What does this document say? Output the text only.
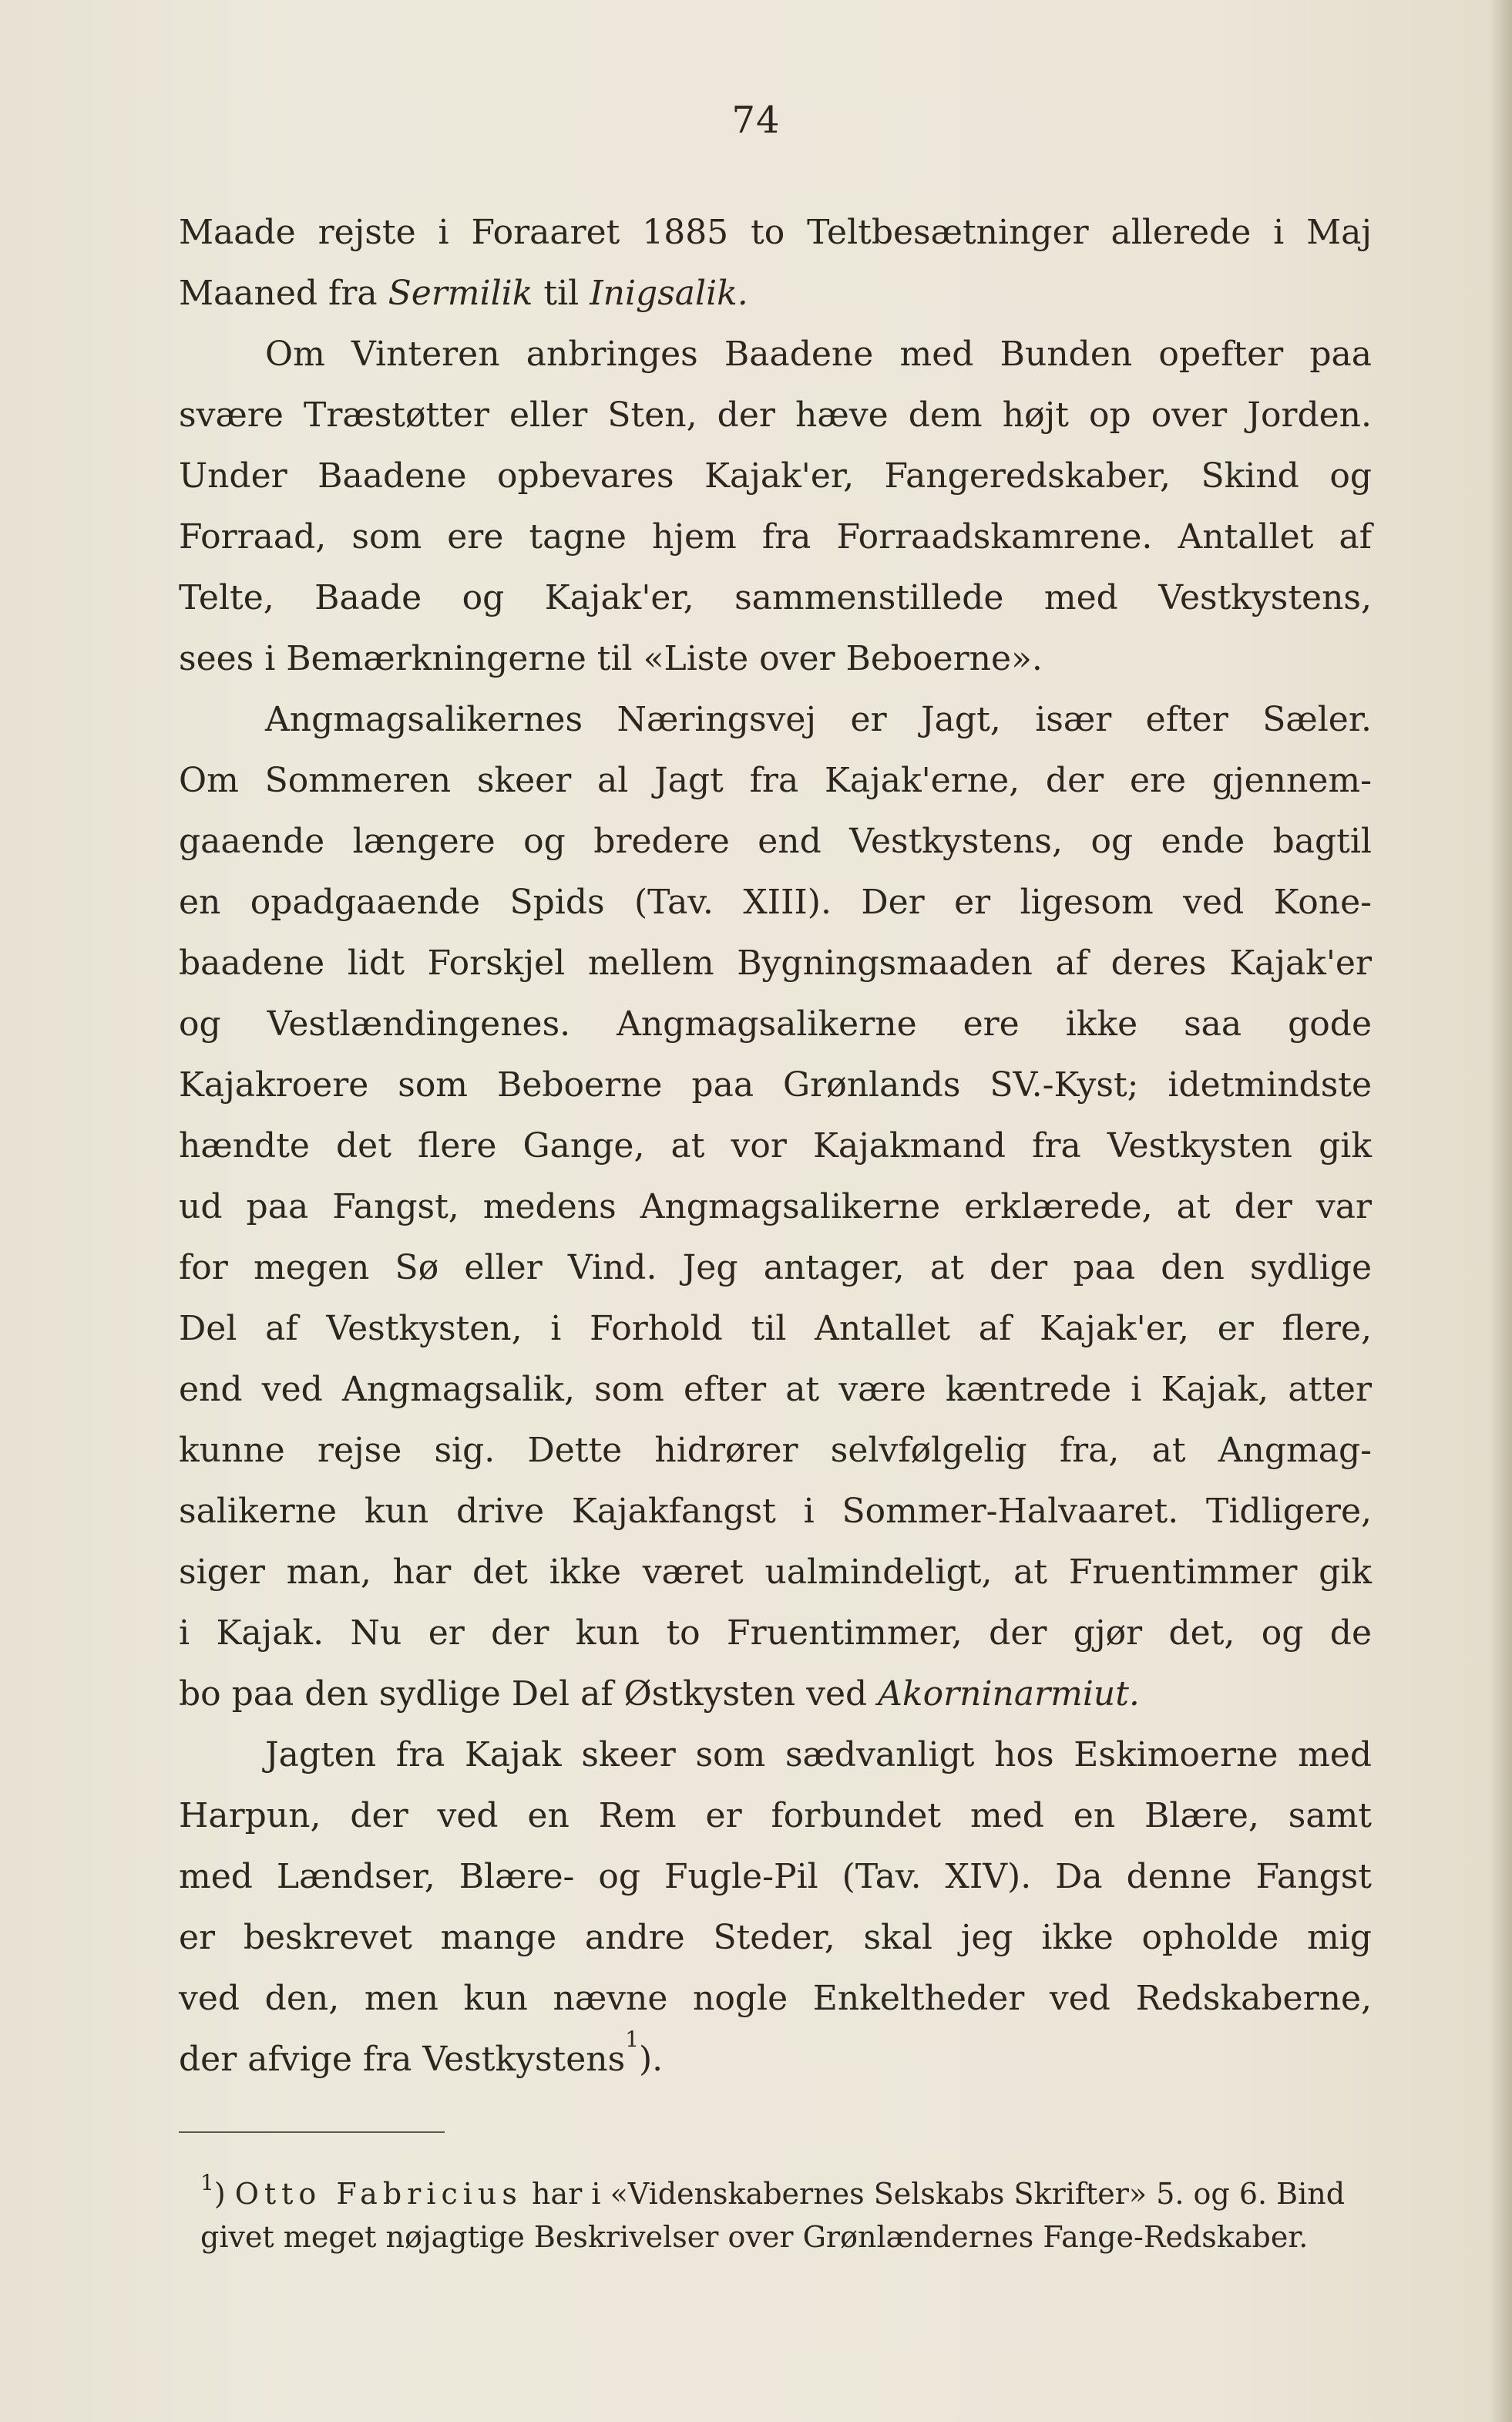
74
Maade rejste i Foraaret 1885 to Teltbesætninger allerede i Maj
Maaned fra Sermilik til Inigsalik.
Om Vinteren anbringes Baadene med Bunden opefter paa
svære Træstøtter eller Sten, der hæve dem højt op over Jorden.
Under Baadene opbevares Kajak'er, Fangeredskaber, Skind og
Forraad, som ere tagne hjem fra Forraadskamrene. Antallet af
Telte, Baade og Kajak'er, sammenstillede med Vestkystens,
sees i Bemærkningerne til «Liste over Beboerne».
Angmagsalikernes Næringsvej er Jagt, især efter Sæler.
Om Sommeren skeer al Jagt fra Kajak'erne, der ere gjennem-
gaaende længere og bredere end Vestkystens, og ende bagtil
en opadgaaende Spids (Tav. XIII). Der er ligesom ved Kone-
baadene lidt Forskjel mellem Bygningsmaaden af deres Kajak'er
og Vestlændingenes. Angmagsalikerne ere ikke saa gode
Kajakroere som Beboerne paa Grønlands SV.-Kyst; idetmindste
hændte det flere Gange, at vor Kajakmand fra Vestkysten gik
ud paa Fangst, medens Angmagsalikerne erklærede, at der var
for megen Sø eller Vind. Jeg antager, at der paa den sydlige
Del af Vestkysten, i Forhold til Antallet af Kajak'er, er flere,
end ved Angmagsalik, som efter at være kæntrede i Kajak, atter
kunne rejse sig. Dette hidrører selvfølgelig fra, at Angmag-
salikerne kun drive Kajakfangst i Sommer-Halvaaret. Tidligere,
siger man, har det ikke været ualmindeligt, at Fruentimmer gik
i Kajak. Nu er der kun to Fruentimmer, der gjør det, og de
bo paa den sydlige Del af Østkysten ved Akorninarmiut.
Jagten fra Kajak skeer som sædvanligt hos Eskimoerne med
Harpun, der ved en Rem er forbundet med en Blære, samt
med Lændser, Blære- og Fugle-Pil (Tav. XIV). Da denne Fangst
er beskrevet mange andre Steder, skal jeg ikke opholde mig
ved den, men kun nævne nogle Enkeltheder ved Redskaberne,
der afvige fra Vestkystens$^1$).
$^1$) Otto Fabricius har i «Videnskabernes Selskabs Skrifter» 5. og 6. Bind
givet meget nøjagtige Beskrivelser over Grønlændernes Fange-Redskaber.
